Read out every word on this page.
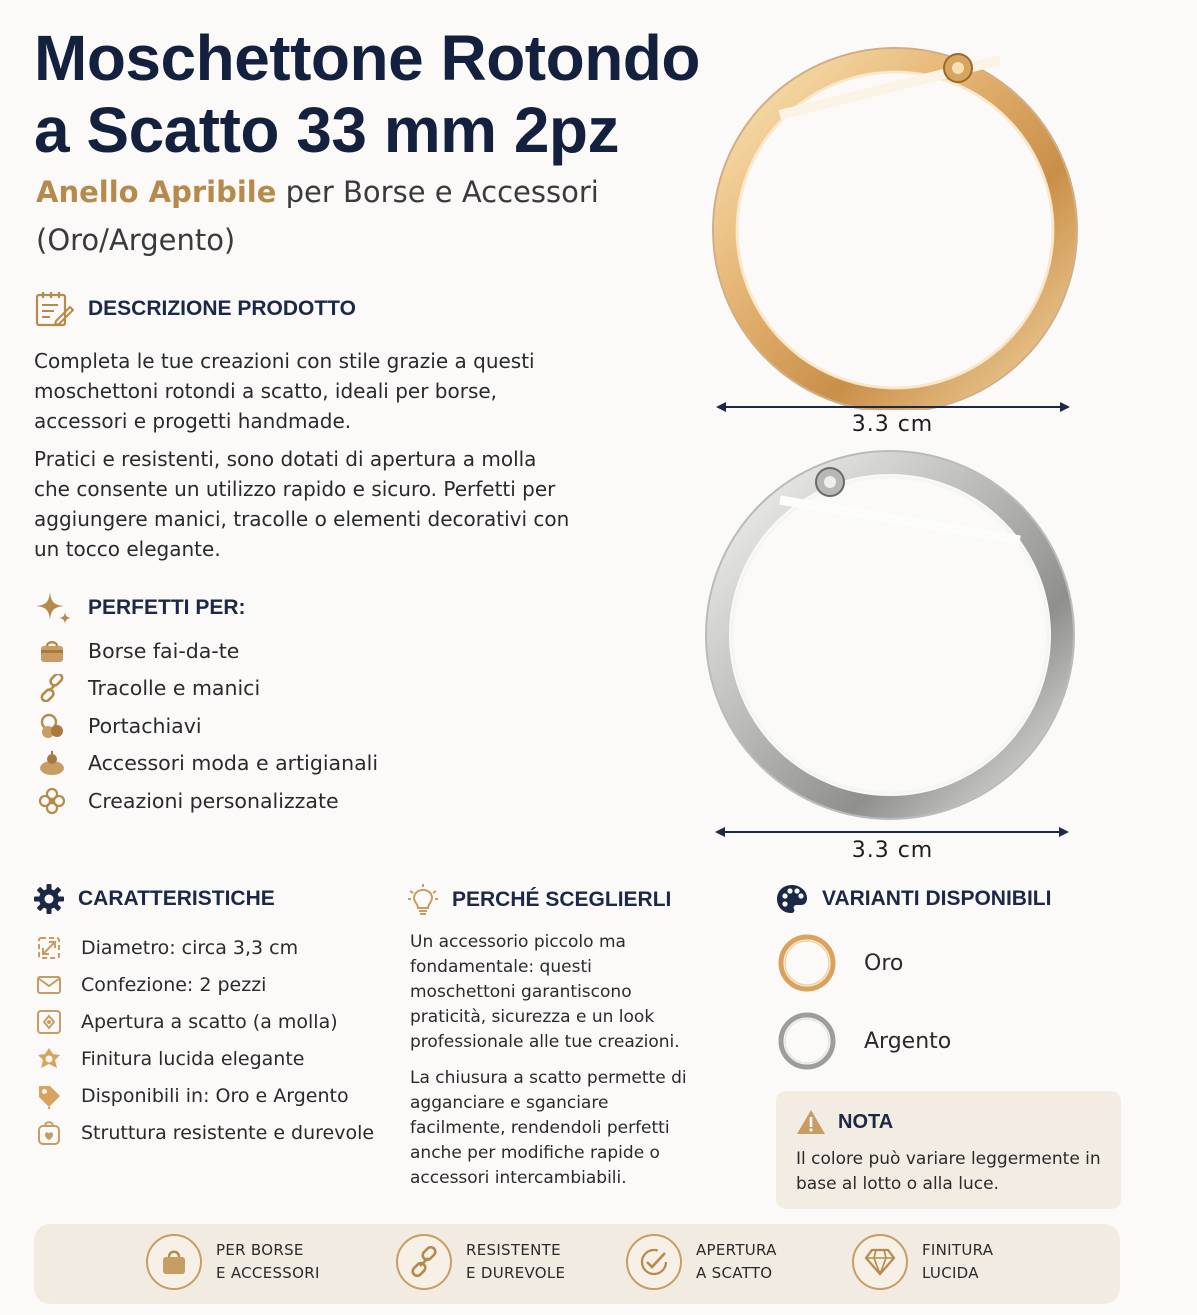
Moschettone Rotondo
a Scatto 33 mm 2pz
Anello Apribile per Borse e Accessori
(Oro/Argento)
DESCRIZIONE PRODOTTO
Completa le tue creazioni con stile grazie a questi moschettoni rotondi a scatto, ideali per borse, accessori e progetti handmade.
Pratici e resistenti, sono dotati di apertura a molla che consente un utilizzo rapido e sicuro. Perfetti per aggiungere manici, tracolle o elementi decorativi con un tocco elegante.
PERFETTI PER:
Borse fai-da-te
Tracolle e manici
Portachiavi
Accessori moda e artigianali
Creazioni personalizzate
3.3 cm
3.3 cm
CARATTERISTICHE
Diametro: circa 3,3 cm
Confezione: 2 pezzi
Apertura a scatto (a molla)
Finitura lucida elegante
Disponibili in: Oro e Argento
Struttura resistente e durevole
PERCHÉ SCEGLIERLI
Un accessorio piccolo ma fondamentale: questi moschettoni garantiscono praticità, sicurezza e un look professionale alle tue creazioni.
La chiusura a scatto permette di agganciare e sganciare facilmente, rendendoli perfetti anche per modifiche rapide o accessori intercambiabili.
VARIANTI DISPONIBILI
Oro
Argento
NOTA
Il colore può variare leggermente in base al lotto o alla luce.
PER BORSE
E ACCESSORI
RESISTENTE
E DUREVOLE
APERTURA
A SCATTO
FINITURA
LUCIDA
